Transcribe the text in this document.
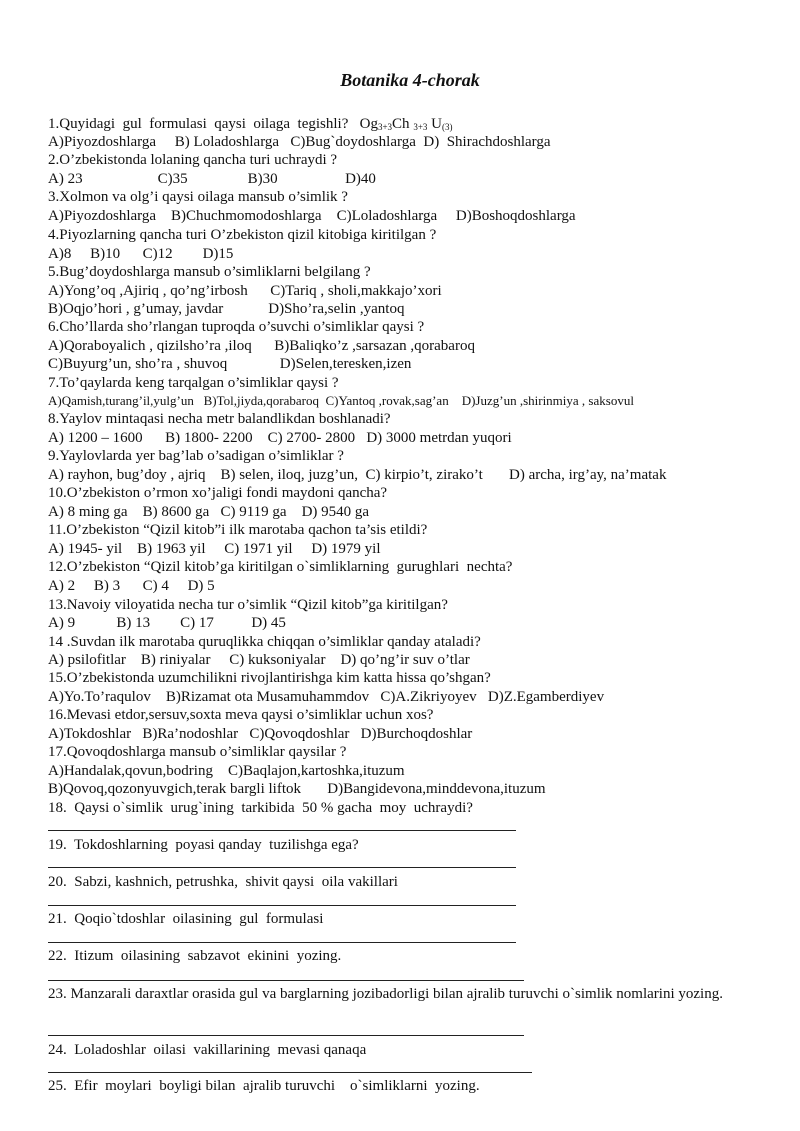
Botanika 4-chorak
1.Quyidagi  gul  formulasi  qaysi  oilaga  tegishli? $Og_{3+3}Ch$ $_{3+3}$ $U_{(3)}$
A)Piyozdoshlarga     B) Loladoshlarga   C)Bug`doydoshlarga  D)  Shirachdoshlarga
2.O’zbekistonda lolaning qancha turi uchraydi ?
A) 23                    C)35                B)30                  D)40
3.Xolmon va olg’i qaysi oilaga mansub o’simlik ?
A)Piyozdoshlarga    B)Chuchmomodoshlarga    C)Loladoshlarga     D)Boshoqdoshlarga
4.Piyozlarning qancha turi O’zbekiston qizil kitobiga kiritilgan ?
A)8     B)10      C)12        D)15
5.Bug’doydoshlarga mansub o’simliklarni belgilang ?
A)Yong’oq ,Ajiriq , qo’ng’irbosh      C)Tariq , sholi,makkajo’xori
B)Oqjo’hori , g’umay, javdar            D)Sho’ra,selin ,yantoq
6.Cho’llarda sho’rlangan tuproqda o’suvchi o’simliklar qaysi ?
A)Qoraboyalich , qizilsho’ra ,iloq      B)Baliqko’z ,sarsazan ,qorabaroq
C)Buyurg’un, sho’ra , shuvoq              D)Selen,teresken,izen
7.To’qaylarda keng tarqalgan o’simliklar qaysi ?
A)Qamish,turang’il,yulg’un   B)Tol,jiyda,qorabaroq  C)Yantoq ,rovak,sag’an    D)Juzg’un ,shirinmiya , saksovul
8.Yaylov mintaqasi necha metr balandlikdan boshlanadi?
A) 1200 – 1600      B) 1800- 2200    C) 2700- 2800   D) 3000 metrdan yuqori
9.Yaylovlarda yer bag’lab o’sadigan o’simliklar ?
A) rayhon, bug’doy , ajriq    B) selen, iloq, juzg’un,  C) kirpio’t, zirako’t       D) archa, irg’ay, na’matak
10.O’zbekiston o’rmon xo’jaligi fondi maydoni qancha?
A) 8 ming ga    B) 8600 ga   C) 9119 ga    D) 9540 ga
11.O’zbekiston “Qizil kitob”i ilk marotaba qachon ta’sis etildi?
A) 1945- yil    B) 1963 yil     C) 1971 yil     D) 1979 yil
12.O’zbekiston “Qizil kitob’ga kiritilgan o`simliklarning  gurughlari  nechta?
A) 2     B) 3      C) 4     D) 5
13.Navoiy viloyatida necha tur o’simlik “Qizil kitob”ga kiritilgan?
A) 9           B) 13        C) 17          D) 45
14 .Suvdan ilk marotaba quruqlikka chiqqan o’simliklar qanday ataladi?
A) psilofitlar    B) riniyalar     C) kuksoniyalar    D) qo’ng’ir suv o’tlar
15.O’zbekistonda uzumchilikni rivojlantirishga kim katta hissa qo’shgan?
A)Yo.To’raqulov    B)Rizamat ota Musamuhammdov   C)A.Zikriyoyev   D)Z.Egamberdiyev
16.Mevasi etdor,sersuv,soxta meva qaysi o’simliklar uchun xos?
A)Tokdoshlar   B)Ra’nodoshlar   C)Qovoqdoshlar   D)Burchoqdoshlar
17.Qovoqdoshlarga mansub o’simliklar qaysilar ?
A)Handalak,qovun,bodring    C)Baqlajon,kartoshka,ituzum
B)Qovoq,qozonyuvgich,terak bargli liftok       D)Bangidevona,minddevona,ituzum
18.  Qaysi o`simlik  urug`ining  tarkibida  50 % gacha  moy  uchraydi?
19.  Tokdoshlarning  poyasi qanday  tuzilishga ega?
20.  Sabzi, kashnich, petrushka,  shivit qaysi  oila vakillari
21.  Qoqio`tdoshlar  oilasining  gul  formulasi
22.  Itizum  oilasining  sabzavot  ekinini  yozing.
23. Manzarali daraxtlar orasida gul va barglarning jozibadorligi bilan ajralib turuvchi o`simlik nomlarini yozing.
24.  Loladoshlar  oilasi  vakillarining  mevasi qanaqa
25.  Efir  moylari  boyligi bilan  ajralib turuvchi    o`simliklarni  yozing.
